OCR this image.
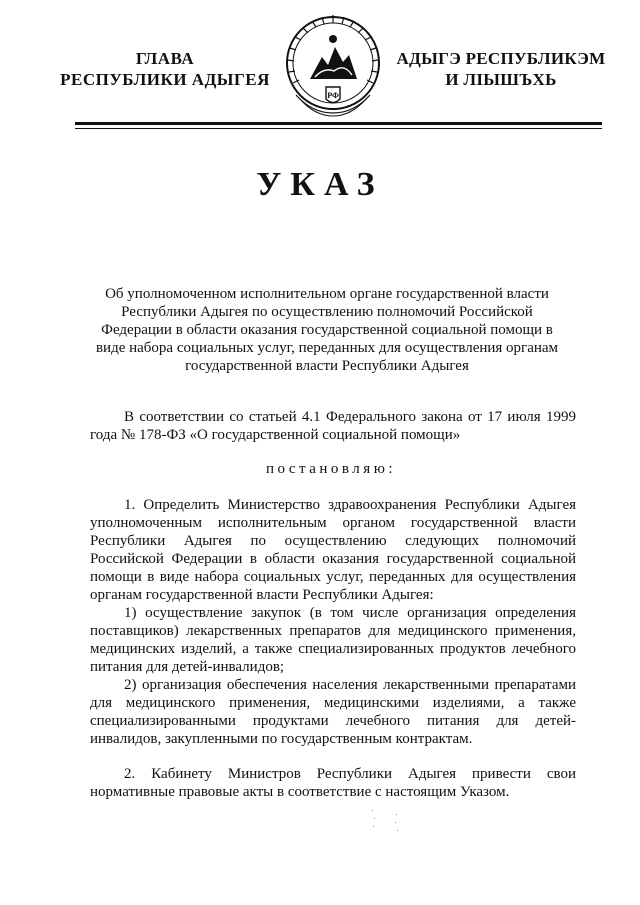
ГЛАВА
РЕСПУБЛИКИ АДЫГЕЯ
РФ
АДЫГЭ РЕСПУБЛИКЭМ
И ЛІЫШЪХЬ
УКАЗ
Об уполномоченном исполнительном органе государственной власти Республики Адыгея по осуществлению полномочий Российской Федерации в области оказания государственной социальной помощи в виде набора социальных услуг, переданных для осуществления органам государственной власти Республики Адыгея

В соответствии со статьей 4.1 Федерального закона от 17 июля 1999 года № 178-ФЗ «О государственной социальной помощи»

постановляю:

1. Определить Министерство здравоохранения Республики Адыгея уполномоченным исполнительным органом государственной власти Республики Адыгея по осуществлению следующих полномочий Российской Федерации в области оказания государственной социальной помощи в виде набора социальных услуг, переданных для осуществления органам государственной власти Республики Адыгея:

1) осуществление закупок (в том числе организация определения поставщиков) лекарственных препаратов для медицинского применения, медицинских изделий, а также специализированных продуктов лечебного питания для детей-инвалидов;

2) организация обеспечения населения лекарственными препаратами для медицинского применения, медицинскими изделиями, а также специализированными продуктами лечебного питания для детей-инвалидов, закупленными по государственным контрактам.

2. Кабинету Министров Республики Адыгея привести свои нормативные правовые акты в соответствие с настоящим Указом.
